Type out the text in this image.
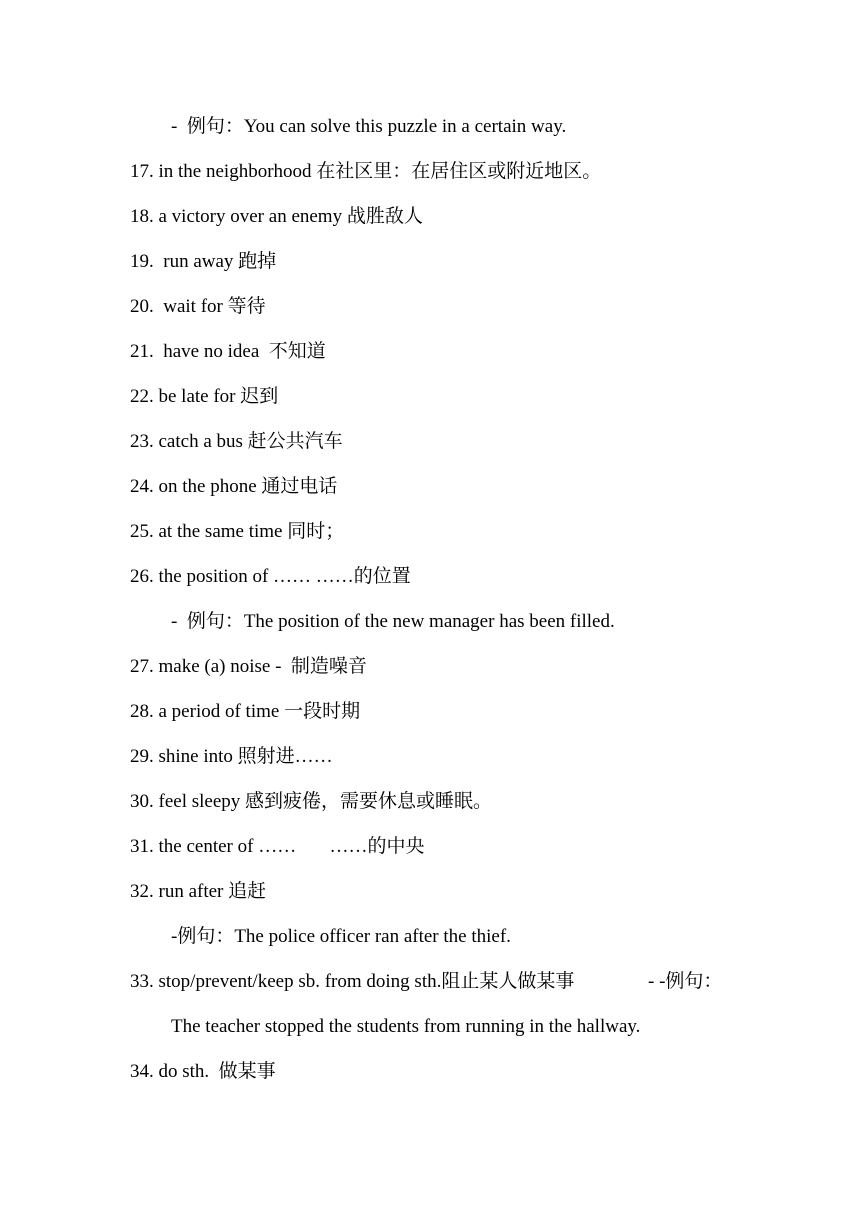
-  例句：You can solve this puzzle in a certain way.
17. in the neighborhood 在社区里：在居住区或附近地区。
18. a victory over an enemy 战胜敌人
19.  run away 跑掉
20.  wait for 等待
21.  have no idea  不知道
22. be late for 迟到
23. catch a bus 赶公共汽车
24. on the phone 通过电话
25. at the same time 同时；
26. the position of …… ……的位置
-  例句：The position of the new manager has been filled.
27. make (a) noise -  制造噪音
28. a period of time 一段时期
29. shine into 照射进……
30. feel sleepy 感到疲倦，需要休息或睡眠。
31. the center of ……       ……的中央
32. run after 追赶
-例句：The police officer ran after the thief.
33. stop/prevent/keep sb. from doing sth.阻止某人做某事	- -例句：
The teacher stopped the students from running in the hallway.
34. do sth.  做某事
